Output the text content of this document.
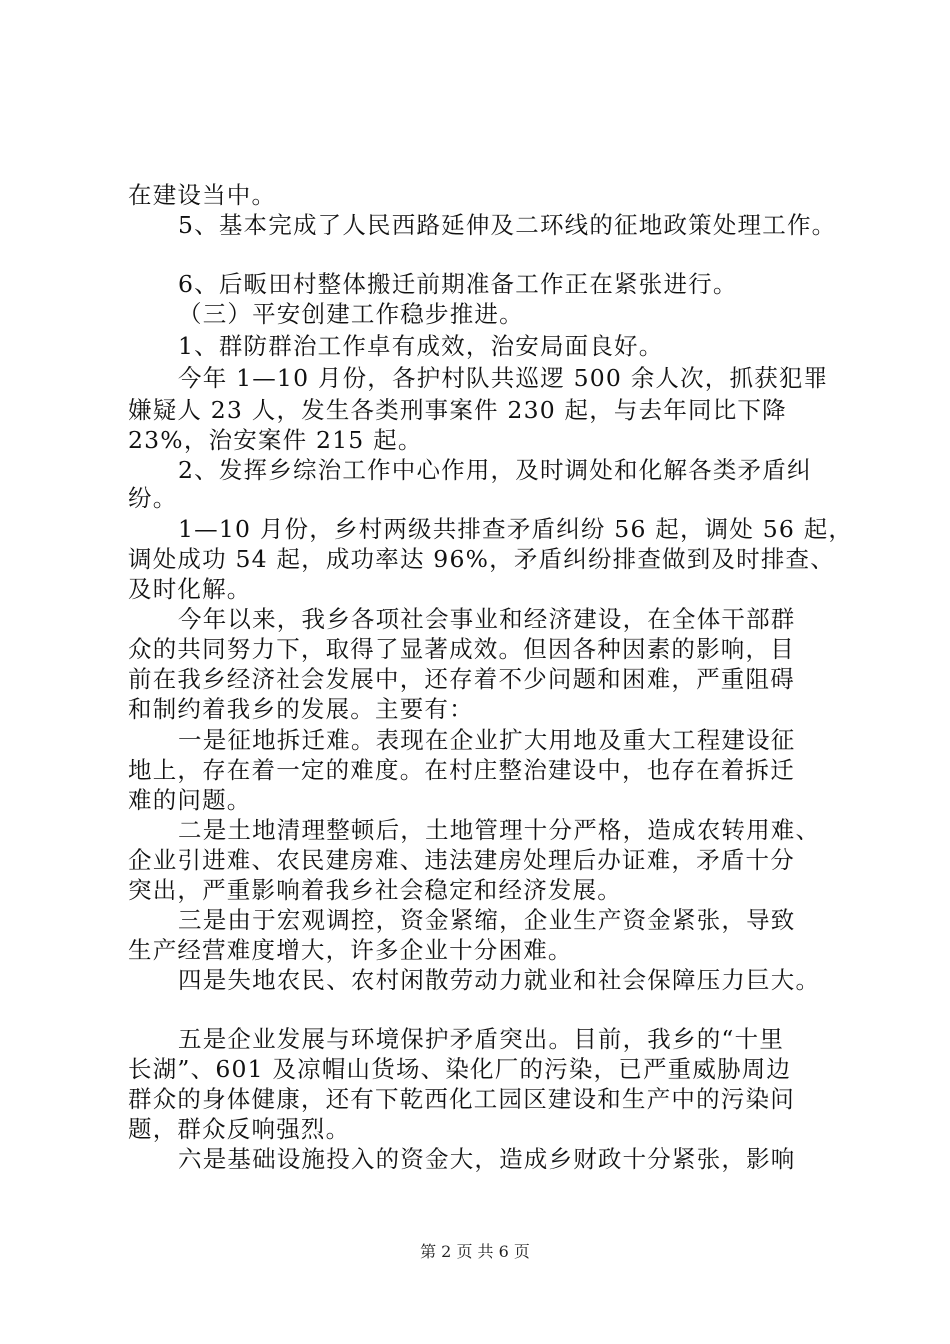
在建设当中。
5、基本完成了人民西路延伸及二环线的征地政策处理工作。
6、后畈田村整体搬迁前期准备工作正在紧张进行。
（三）平安创建工作稳步推进。
1、群防群治工作卓有成效，治安局面良好。
今年 1—10 月份，各护村队共巡逻 500 余人次，抓获犯罪
嫌疑人 23 人，发生各类刑事案件 230 起，与去年同比下降
23%，治安案件 215 起。
2、发挥乡综治工作中心作用，及时调处和化解各类矛盾纠
纷。
1—10 月份，乡村两级共排查矛盾纠纷 56 起，调处 56 起，
调处成功 54 起，成功率达 96%，矛盾纠纷排查做到及时排查、
及时化解。
今年以来，我乡各项社会事业和经济建设，在全体干部群
众的共同努力下，取得了显著成效。但因各种因素的影响，目
前在我乡经济社会发展中，还存着不少问题和困难，严重阻碍
和制约着我乡的发展。主要有：
一是征地拆迁难。表现在企业扩大用地及重大工程建设征
地上，存在着一定的难度。在村庄整治建设中，也存在着拆迁
难的问题。
二是土地清理整顿后，土地管理十分严格，造成农转用难、
企业引进难、农民建房难、违法建房处理后办证难，矛盾十分
突出，严重影响着我乡社会稳定和经济发展。
三是由于宏观调控，资金紧缩，企业生产资金紧张，导致
生产经营难度增大，许多企业十分困难。
四是失地农民、农村闲散劳动力就业和社会保障压力巨大。
五是企业发展与环境保护矛盾突出。目前，我乡的“十里
长湖”、601 及凉帽山货场、染化厂的污染，已严重威胁周边
群众的身体健康，还有下乾西化工园区建设和生产中的污染问
题，群众反响强烈。
六是基础设施投入的资金大，造成乡财政十分紧张，影响
第 2 页 共 6 页
